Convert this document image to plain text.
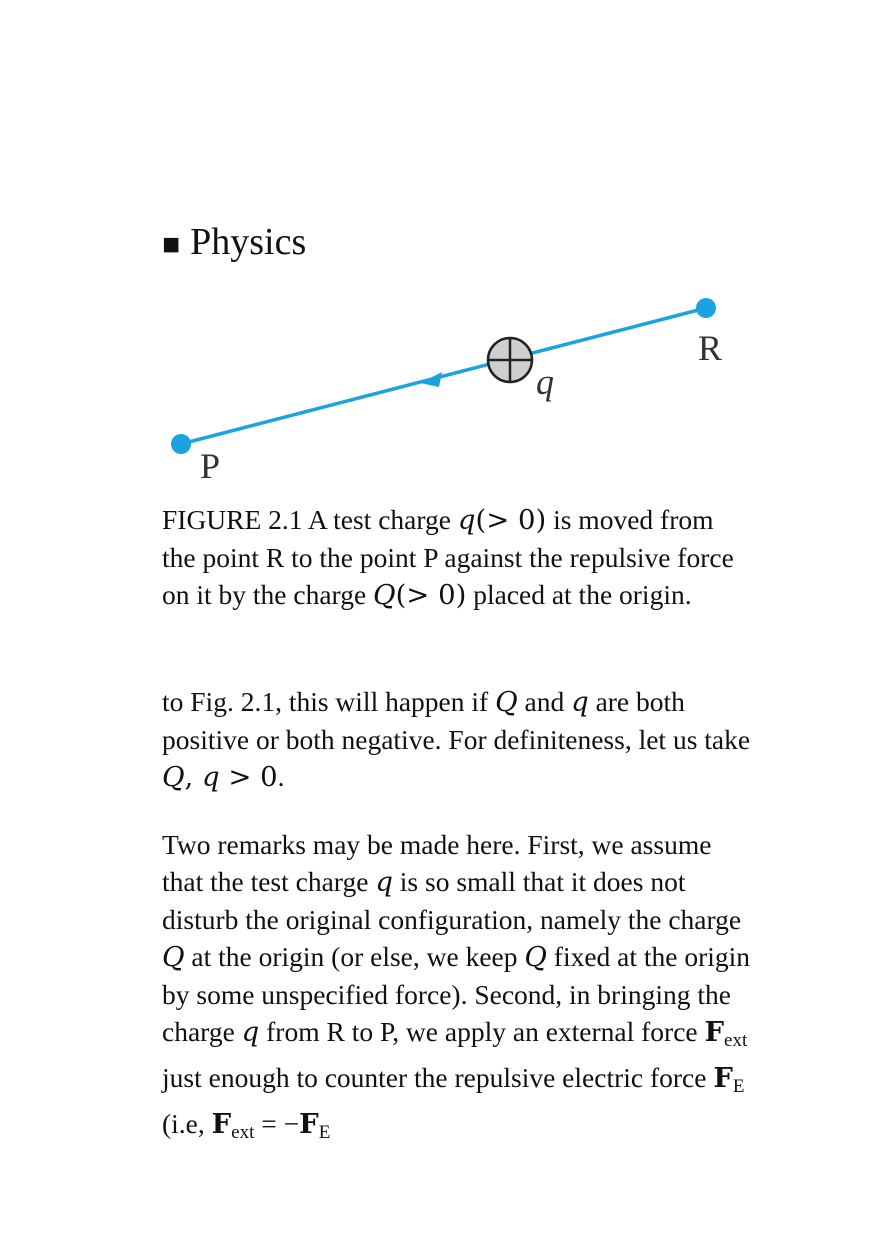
■ Physics
q
R
P

FIGURE 2.1 A test charge q(> 0) is moved from the point R to the point P against the repulsive force on it by the charge Q(> 0) placed at the origin.

to Fig. 2.1, this will happen if Q and q are both positive or both negative. For definiteness, let us take Q, q > 0.

Two remarks may be made here. First, we assume that the test charge q is so small that it does not disturb the original configuration, namely the charge Q at the origin (or else, we keep Q fixed at the origin by some unspecified force). Second, in bringing the charge q from R to P, we apply an external force $F_{ext}$ just enough to counter the repulsive electric force $F_E$ (i.e, $F_{ext} = -F_E$
